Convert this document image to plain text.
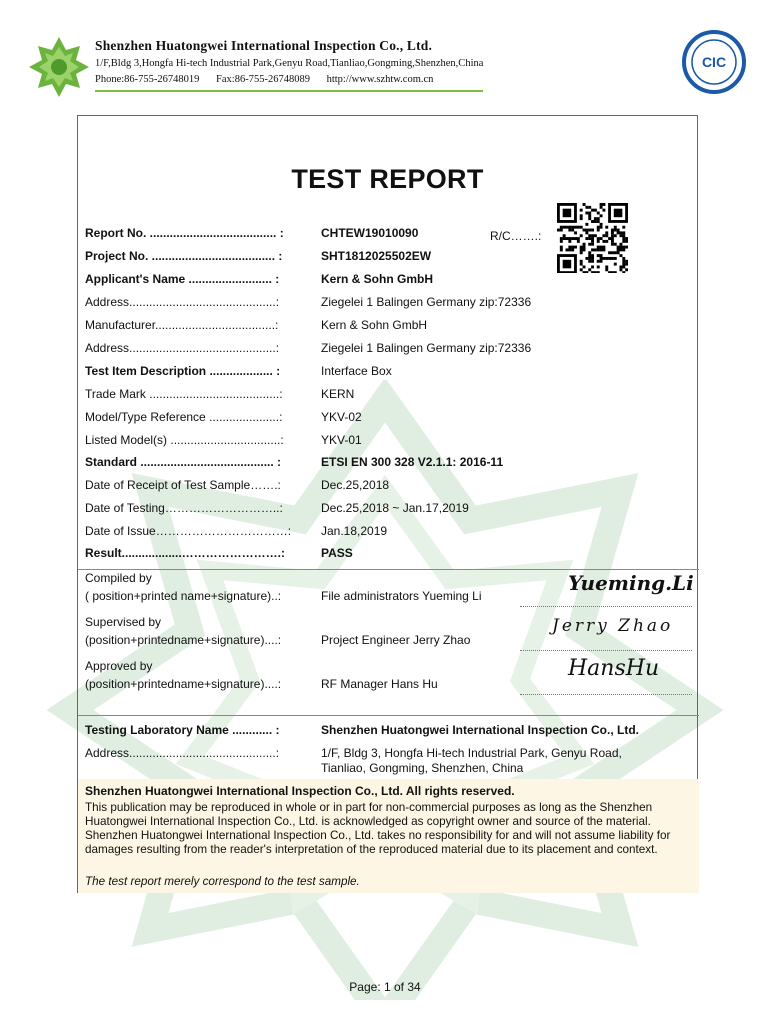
Shenzhen Huatongwei International Inspection Co., Ltd.
1/F,Bldg 3,Hongfa Hi-tech Industrial Park,Genyu Road,Tianliao,Gongming,Shenzhen,China
Phone:86-755-26748019 Fax:86-755-26748089 http://www.szhtw.com.cn
CIC
TEST REPORT
R/C…….:
Report No. ...................................... :	CHTEW19010090
Project No. ..................................... :	SHT1812025502EW
Applicant's Name ......................... :	Kern & Sohn GmbH
Address............................................:	Ziegelei 1 Balingen Germany zip:72336
Manufacturer....................................:	Kern & Sohn GmbH
Address............................................:	Ziegelei 1 Balingen Germany zip:72336
Test Item Description ................... :	Interface Box
Trade Mark .......................................:	KERN
Model/Type Reference .....................:	YKV-02
Listed Model(s) .................................:	YKV-01
Standard ........................................ :	ETSI EN 300 328 V2.1.1: 2016-11
Date of Receipt of Test Sample…….:	Dec.25,2018
Date of Testing………………………..:	Dec.25,2018 ~ Jan.17,2019
Date of Issue……………………………:	Jan.18,2019
Result..................…………………….:	PASS
Compiled by
( position+printed name+signature)..:	File administrators Yueming Li
Yueming.Li
Supervised by
(position+printedname+signature)....:	Project Engineer Jerry Zhao
Jerry Zhao
Approved by
(position+printedname+signature)....:	RF Manager Hans Hu
HansHu
Testing Laboratory Name ............ :	Shenzhen Huatongwei International Inspection Co., Ltd.
Address............................................:	1/F, Bldg 3, Hongfa Hi-tech Industrial Park, Genyu Road,
Tianliao, Gongming, Shenzhen, China
Shenzhen Huatongwei International Inspection Co., Ltd. All rights reserved.
This publication may be reproduced in whole or in part for non-commercial purposes as long as the Shenzhen Huatongwei International Inspection Co., Ltd. is acknowledged as copyright owner and source of the material. Shenzhen Huatongwei International Inspection Co., Ltd. takes no responsibility for and will not assume liability for damages resulting from the reader's interpretation of the reproduced material due to its placement and context.
The test report merely correspond to the test sample.
Page: 1 of 34
